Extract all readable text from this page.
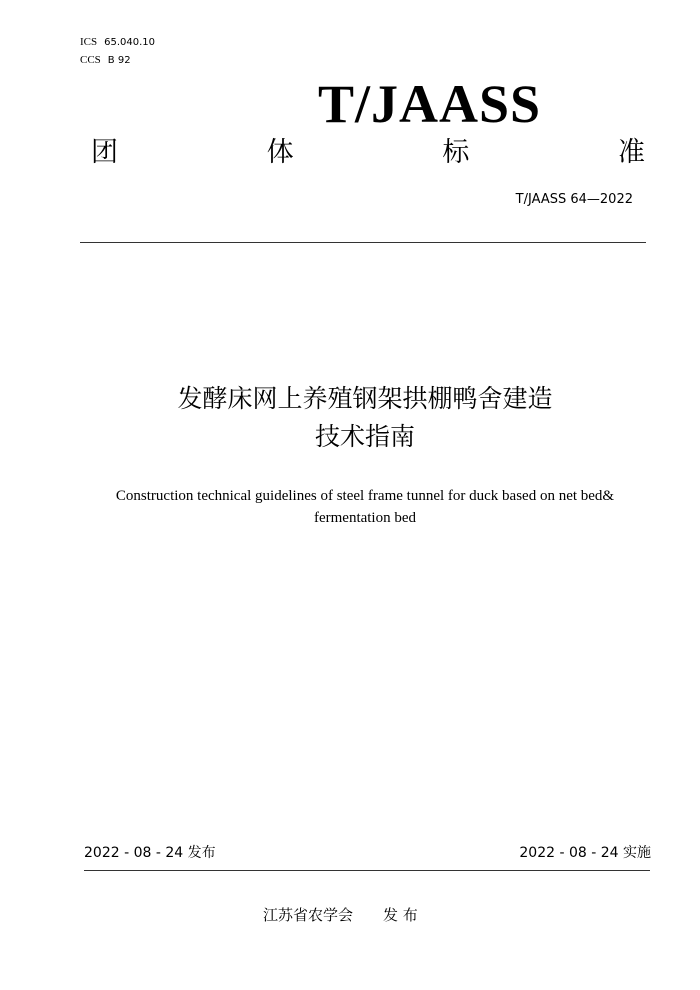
ICS 65.040.10
CCS B 92
T/JAASS
团	体	标	准
T/JAASS 64—2022
发酵床网上养殖钢架拱棚鸭舍建造
技术指南
Construction technical guidelines of steel frame tunnel for duck based on net bed&
fermentation bed
2022 - 08 - 24 发布	2022 - 08 - 24 实施
江苏省农学会 发 布
